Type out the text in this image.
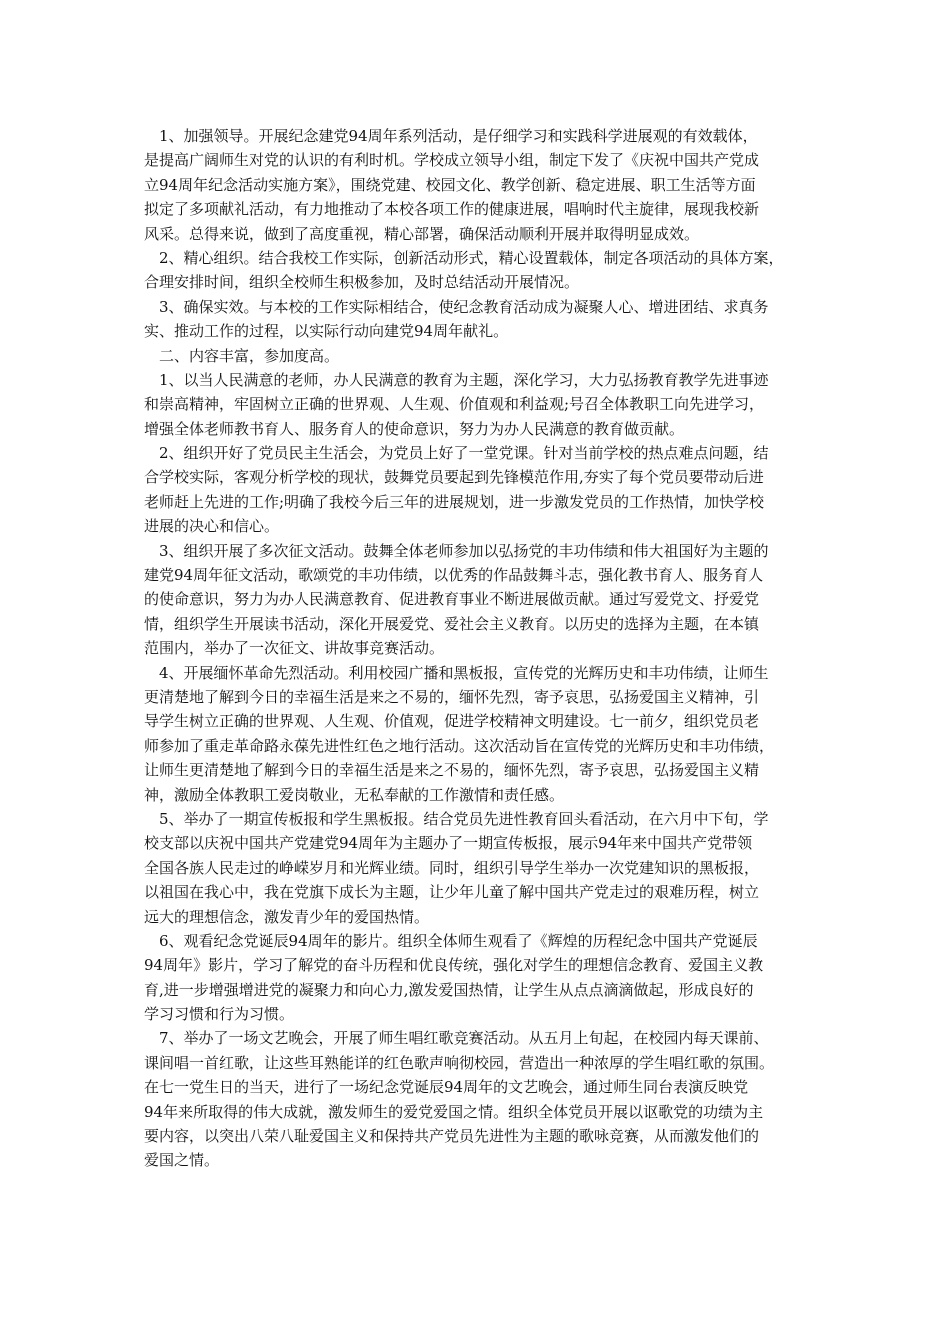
　1、加强领导。开展纪念建党94周年系列活动，是仔细学习和实践科学进展观的有效载体，
是提高广阔师生对党的认识的有利时机。学校成立领导小组，制定下发了《庆祝中国共产党成
立94周年纪念活动实施方案》，围绕党建、校园文化、教学创新、稳定进展、职工生活等方面
拟定了多项献礼活动，有力地推动了本校各项工作的健康进展，唱响时代主旋律，展现我校新
风采。总得来说，做到了高度重视，精心部署，确保活动顺利开展并取得明显成效。
　2、精心组织。结合我校工作实际，创新活动形式，精心设置载体，制定各项活动的具体方案，
合理安排时间，组织全校师生积极参加，及时总结活动开展情况。
　3、确保实效。与本校的工作实际相结合，使纪念教育活动成为凝聚人心、增进团结、求真务
实、推动工作的过程，以实际行动向建党94周年献礼。
　二、内容丰富，参加度高。
　1、以当人民满意的老师，办人民满意的教育为主题，深化学习，大力弘扬教育教学先进事迹
和崇高精神，牢固树立正确的世界观、人生观、价值观和利益观;号召全体教职工向先进学习，
增强全体老师教书育人、服务育人的使命意识，努力为办人民满意的教育做贡献。
　2、组织开好了党员民主生活会，为党员上好了一堂党课。针对当前学校的热点难点问题，结
合学校实际，客观分析学校的现状，鼓舞党员要起到先锋模范作用,夯实了每个党员要带动后进
老师赶上先进的工作;明确了我校今后三年的进展规划，进一步激发党员的工作热情，加快学校
进展的决心和信心。
　3、组织开展了多次征文活动。鼓舞全体老师参加以弘扬党的丰功伟绩和伟大祖国好为主题的
建党94周年征文活动，歌颂党的丰功伟绩，以优秀的作品鼓舞斗志，强化教书育人、服务育人
的使命意识，努力为办人民满意教育、促进教育事业不断进展做贡献。通过写爱党文、抒爱党
情，组织学生开展读书活动，深化开展爱党、爱社会主义教育。以历史的选择为主题，在本镇
范围内，举办了一次征文、讲故事竞赛活动。
　4、开展缅怀革命先烈活动。利用校园广播和黑板报，宣传党的光辉历史和丰功伟绩，让师生
更清楚地了解到今日的幸福生活是来之不易的，缅怀先烈，寄予哀思，弘扬爱国主义精神，引
导学生树立正确的世界观、人生观、价值观，促进学校精神文明建设。七一前夕，组织党员老
师参加了重走革命路永葆先进性红色之地行活动。这次活动旨在宣传党的光辉历史和丰功伟绩，
让师生更清楚地了解到今日的幸福生活是来之不易的，缅怀先烈，寄予哀思，弘扬爱国主义精
神，激励全体教职工爱岗敬业，无私奉献的工作激情和责任感。
　5、举办了一期宣传板报和学生黑板报。结合党员先进性教育回头看活动，在六月中下旬，学
校支部以庆祝中国共产党建党94周年为主题办了一期宣传板报，展示94年来中国共产党带领
全国各族人民走过的峥嵘岁月和光辉业绩。同时，组织引导学生举办一次党建知识的黑板报，
以祖国在我心中，我在党旗下成长为主题，让少年儿童了解中国共产党走过的艰难历程，树立
远大的理想信念，激发青少年的爱国热情。
　6、观看纪念党诞辰94周年的影片。组织全体师生观看了《辉煌的历程纪念中国共产党诞辰
94周年》影片，学习了解党的奋斗历程和优良传统，强化对学生的理想信念教育、爱国主义教
育,进一步增强增进党的凝聚力和向心力,激发爱国热情，让学生从点点滴滴做起，形成良好的
学习习惯和行为习惯。
　7、举办了一场文艺晚会，开展了师生唱红歌竞赛活动。从五月上旬起，在校园内每天课前、
课间唱一首红歌，让这些耳熟能详的红色歌声响彻校园，营造出一种浓厚的学生唱红歌的氛围。
在七一党生日的当天，进行了一场纪念党诞辰94周年的文艺晚会，通过师生同台表演反映党
94年来所取得的伟大成就，激发师生的爱党爱国之情。组织全体党员开展以讴歌党的功绩为主
要内容，以突出八荣八耻爱国主义和保持共产党员先进性为主题的歌咏竞赛，从而激发他们的
爱国之情。
